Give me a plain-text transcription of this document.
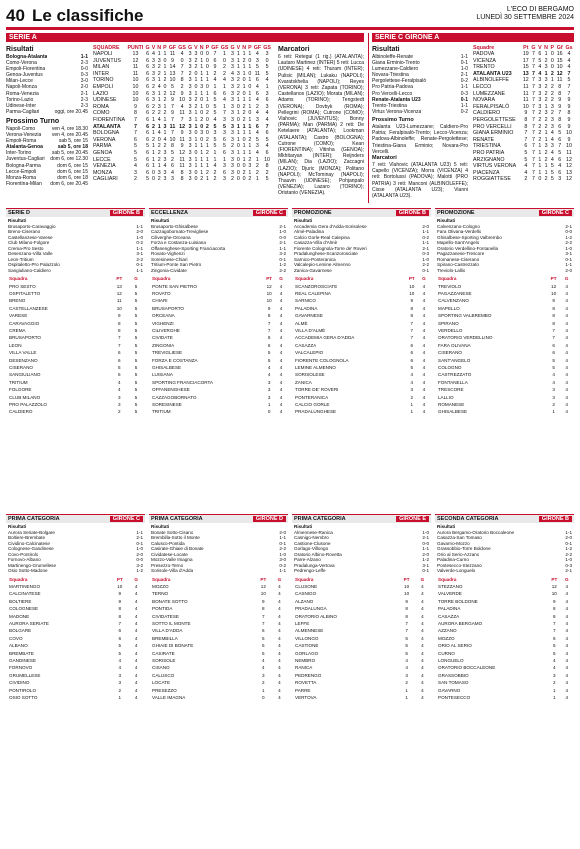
40 Le classifiche	L'ECO DI BERGAMO
LUNEDÌ 30 SETTEMBRE 2024
SERIE A
Risultati
Bologna-Atalanta	1-1
Como-Verona	2-3
Empoli-Fiorentina	0-0
Genoa-Juventus	0-3
Milan-Lecce	3-0
Napoli-Monza	2-0
Roma-Venezia	2-1
Torino-Lazio	2-3
Udinese-Inter	2-3
Parma-Cagliari	oggi, ore 20.45
Prossimo Turno
Napoli-Como	ven 4, ore 18.30
Verona-Venezia ven 4, ore 20.45
Empoli-Roma	sab 5, ore 15
Atalanta-Genoa	sab 5, ore 18
Inter-Torino	sab 5, ore 20.45
Juventus-Cagliari dom 6, ore 12.30
Bologna-Parma	dom 6, ore 15
Lecce-Empoli	dom 6, ore 15
Monza-Roma	dom 6, ore 18
Fiorentina-Milan dom 6, ore 20.45
SQUADRE	PUNTI	G	V	N	P	GF	GS	G	V	N	P	GF	GS	G	V	N	P	GF	GS
NAPOLI	13	6	4	1	1	11	4	3	3	0	0	7	1	3	1	1	1	4	3
JUVENTUS	12	6	3	3	0	9	0	3	2	1	0	6	0	3	1	2	0	3	0
MILAN	11	6	3	2	1	14	7	3	2	1	0	9	2	3	1	1	1	5	5
INTER	11	6	3	2	1	13	7	2	0	1	1	2	2	4	3	1	0	11	5
TORINO	10	6	3	1	2	10	8	3	1	1	1	4	4	3	2	0	1	6	4
EMPOLI	10	6	2	4	0	5	2	3	0	3	0	1	1	3	2	1	0	4	1
LAZIO	10	6	3	1	2	12	9	3	1	1	1	6	6	3	2	0	1	6	3
UDINESE	10	6	3	1	2	9	10	3	2	0	1	5	4	3	1	1	1	4	6
ROMA	9	6	2	3	1	7	4	3	2	1	0	5	1	3	0	2	1	2	3
COMO	8	6	2	2	2	9	11	3	1	0	2	5	7	3	1	2	0	4	4
FIORENTINA	7	6	1	4	1	7	7	3	1	2	0	4	3	3	0	2	1	3	4
ATALANTA	7	6	2	1	3	11	12	3	1	0	2	5	5	3	1	1	1	6	7
BOLOGNA	7	6	1	4	1	7	9	3	0	3	0	3	3	3	1	1	1	4	6
VERONA	6	6	2	0	4	10	11	3	1	0	2	5	6	3	1	0	2	5	5
PARMA	5	5	1	2	2	8	9	3	1	1	1	5	5	2	0	1	1	3	4
GENOA	5	6	1	2	3	5	12	3	0	1	2	1	6	3	1	1	1	4	6
LECCE	5	6	1	2	3	2	11	3	1	1	1	1	1	3	0	1	2	1	10
VENEZIA	4	6	1	1	4	6	11	3	1	1	1	4	3	3	0	0	3	2	8
MONZA	3	6	0	3	3	4	8	3	0	1	2	2	6	3	0	2	1	2	2
CAGLIARI	2	5	0	2	3	3	8	3	0	2	1	2	3	2	0	0	2	1	5
Marcatori
6 reti: Retegui (1 rig.) (ATALANTA); Lautaro Martinez (INTER) 5 reti: Lucca (UDINESE) 4 reti: Thuram (INTER); Pulisic (MILAN); Lukaku (NAPOLI); Kvaratskhelia (NAPOLI); Reyes (VERONA) 3 reti: Zapata (TORINO); Castellanos (LAZIO); Morata (MILAN); Adams (TORINO); Tengstedt (VERONA); Dovbyk (ROMA); Pellegrini (ROMA); Cutrone (COMO); Vlahovic (JUVENTUS); Bonny (PARMA); Man (PARMA) 2 reti: De Ketelaere (ATALANTA); Lookman (ATALANTA); Castro (BOLOGNA); Cutrone (COMO); Kean (FIORENTINA); Vitinha (GENOA); Mkhitaryan (INTER); Reijnders (MILAN); Dia (LAZIO); Zaccagni (LAZIO); Djuric (MONZA); Politano (NAPOLI); McTominay (NAPOLI); Thauvin (UDINESE); Pohjanpalo (VENEZIA); Lazaro (TORINO); Oristanio (VENEZIA).
SERIE C GIRONE A
Risultati
Albinoleffe-Renate	1-1
Giana Erminio-Trento	0-1
Lumezzane-Caldiero	1-0
Novara-Triestina	2-1
Pergolettese-Feralpisalò	0-2
Pro Patria-Padova	1-1
Pro Vercelli-Lecco	0-3
Renate-Atalanta U23	0-1
Trento-Triestina	1-1
Virtus Verona-Vicenza	0-2
Prossimo Turno
Atalanta U23-Lumezzane; Caldiero-Pro Patria; Feralpisalò-Trento; Lecco-Vicenza; Padova-Albinoleffe; Renate-Pergolettese; Triestina-Giana Erminio; Novara-Pro Vercelli.
Marcatori
7 reti: Vlahovic (ATALANTA U23) 5 reti: Capello (VICENZA); Morra (VICENZA) 4 reti: Bortolussi (PADOVA); Malotti (PRO PATRIA) 3 reti: Manconi (ALBINOLEFFE); Cisse (ATALANTA U23); Vianni (ATALANTA U23).
Squadre	Pt	G	V	N	P	Gf	Gs
PADOVA	19	7	6	1	0	16	4
VICENZA	17	7	5	2	0	15	4
TRENTO	15	7	4	3	0	10	4
ATALANTA U23	13	7	4	1	2	12	7
ALBINOLEFFE	12	7	3	3	1	11	5
LECCO	11	7	3	2	2	8	7
LUMEZZANE	11	7	3	2	2	8	7
NOVARA	11	7	3	2	2	9	9
FERALPISALÒ	10	7	3	1	3	9	9
CALDIERO	9	7	2	3	2	7	8
PERGOLETTESE	8	7	2	2	3	8	9
PRO VERCELLI	8	7	2	2	3	6	9
GIANA ERMINIO	7	7	2	1	4	5	10
RENATE	7	7	2	1	4	6	9
TRIESTINA	6	7	1	3	3	7	10
PRO PATRIA	5	7	1	2	4	5	11
ARZIGNANO	5	7	1	2	4	6	12
VIRTUS VERONA	4	7	1	1	5	4	12
PIACENZA	4	7	1	1	5	6	13
ROGGIATTESE	2	7	0	2	5	3	12
SERIE D	GIRONE B
Risultati
Brusaporto-Caravaggio	1-1
Breno-Ciserano	2-0
Castellanzese-Varese	1-0
Club Milano-Folgore	0-2
Crema-Pro Sesto	1-1
Desenzano-Villa Valle	3-1
Leon-Tritium	2-2
Ospitaletto-Pro Palazzolo	0-1
Sangiuliano-Caldiero	1-1
Squadra	PT	G
PRO SESTO	13	5
OSPITALETTO	12	5
BRENO	11	5
CASTELLANZESE	10	5
VARESE	9	5
CARAVAGGIO	8	5
CREMA	8	5
BRUSAPORTO	7	5
LEON	7	5
VILLA VALLE	6	5
DESENZANO	6	5
CISERANO	5	5
SANGIULIANO	5	5
TRITIUM	4	5
FOLGORE	4	5
CLUB MILANO	3	5
PRO PALAZZOLO	3	5
CALDIERO	2	5
ECCELLENZA	GIRONE C
Risultati
Brusaporto-Ghisalbese	2-1
Cazzagobornato-Trevigliese	1-0
Ciliverghe-Orceana	0-0
Forza e Costanza-Luisiana	2-1
Offanenghese-Sporting Franciacorta	1-1
Rovato-Vighenzi	3-2
Soresinese-Chiari	0-1
Tritium-Ponte San Pietro	1-2
Zingonia-Cividate	2-2
Squadra	PT	G
PONTE SAN PIETRO	12	4
ROVATO	10	4
CHIARI	10	4
BRUSAPORTO	9	4
ORCEANA	8	4
VIGHENZI	7	4
CILIVERGHE	7	4
CIVIDATE	6	4
ZINGONIA	6	4
TREVIGLIESE	5	4
FORZA E COSTANZA	5	4
GHISALBESE	4	4
LUISIANA	4	4
SPORTING FRANCIACORTA	3	4
OFFANENGHESE	3	4
CAZZAGOBORNATO	3	4
SORESINESE	1	4
TRITIUM	0	4
PROMOZIONE	GIRONE B
Risultati
Accademia Gera d'Adda-Sorisolese	2-0
Almè-Paladina	1-1
Calcio Gorle-Real Calepina	0-2
Casazza-Villa d'Almè	1-1
Fiorente Colognola-Torre de' Roveri	2-1
Pradalunghese-Scanzorosciate	0-3
Sarnico-Ponteranica	1-0
Valcalepio-Lemine Almenno	2-2
Zanica-Gavarnese	0-1
Squadra	PT	G
SCANZOROSCIATE	10	4
REAL CALEPINA	10	4
SARNICO	9	4
PALADINA	8	4
GAVARNESE	8	4
ALMÈ	7	4
VILLA D'ALMÈ	7	4
ACCADEMIA GERA D'ADDA	7	4
CASAZZA	6	4
VALCALEPIO	6	4
FIORENTE COLOGNOLA	6	4
LEMINE ALMENNO	5	4
SORISOLESE	4	4
ZANICA	4	4
TORRE DE' ROVERI	3	4
PONTERANICA	2	4
CALCIO GORLE	1	4
PRADALUNGHESE	1	4
PROMOZIONE	GIRONE C
Risultati
Calvenzano-Cologno	2-1
Fara Olivana-Verdello	0-0
Ghisalbese-Sporting Valbrembo	1-2
Mapello-Sant'Angelo	2-2
Oratorio Verdellino-Fontanella	1-0
Pagazzanese-Trescore	3-1
Romanese-Ciserano	0-1
Spirano-Castrezzato	1-1
Treviolo-Lallio	2-0
Squadra	PT	G
TREVIOLO	12	4
PAGAZZANESE	10	4
CALVENZANO	9	4
MAPELLO	8	4
SPORTING VALBREMBO	8	4
SPIRANO	8	4
VERDELLO	7	4
ORATORIO VERDELLINO	7	4
FARA OLIVANA	6	4
CISERANO	6	4
SANT'ANGELO	5	4
COLOGNO	5	4
CASTREZZATO	4	4
FONTANELLA	4	4
TRESCORE	3	4
LALLIO	3	4
ROMANESE	2	4
GHISALBESE	1	4
PRIMA CATEGORIA	GIRONE C
Risultati
Aurora Seriate-Bolgare	1-1
Boltiere-Brembate	2-1
Cividino-Calcinatese	0-1
Colognese-Gandinese	1-0
Covo-Pontirolo	2-0
Fornovo-Albano	0-0
Martinengo-Grumellese	3-2
Osio Sotto-Madone	1-2
Squadra	PT	G
MARTINENGO	10	4
CALCINATESE	9	4
BOLTIERE	9	4
COLOGNESE	8	4
MADONE	8	4
AURORA SERIATE	7	4
BOLGARE	6	4
COVO	6	4
ALBANO	5	4
BREMBATE	5	4
GANDINESE	4	4
FORNOVO	4	4
GRUMELLESE	3	4
CIVIDINO	3	4
PONTIROLO	2	4
OSIO SOTTO	1	4
PRIMA CATEGORIA	GIRONE D
Risultati
Bonate Sotto-Cisano	2-0
Brembilla-Sotto il Monte	1-1
Calusco-Pontida	0-1
Casirate-Ghiaie di Bonate	2-2
Cividatese-Locate	1-0
Mozzo-Valle Imagna	3-0
Presezzo-Terno	0-2
Sorisole-Villa d'Adda	1-1
Squadra	PT	G
MOZZO	12	4
TERNO	10	4
BONATE SOTTO	9	4
PONTIDA	8	4
CIVIDATESE	7	4
SOTTO IL MONTE	7	4
VILLA D'ADDA	6	4
BREMBILLA	6	4
GHIAIE DI BONATE	5	4
CASIRATE	5	4
SORISOLE	4	4
CISANO	4	4
CALUSCO	3	4
LOCATE	2	4
PRESEZZO	1	4
VALLE IMAGNA	0	4
PRIMA CATEGORIA	GIRONE E
Risultati
Almennese-Ranica	1-0
Casnigo-Nembro	2-1
Castione-Clusone	0-0
Gorlago-Villongo	1-1
Oratorio Albino-Rovetta	2-0
Parre-Alzano	1-2
Pradalunga-Vertova	3-1
Pedrengo-Leffe	0-1
Squadra	PT	G
CLUSONE	10	4
CASNIGO	10	4
ALZANO	9	4
PRADALUNGA	8	4
ORATORIO ALBINO	8	4
LEFFE	7	4
ALMENNESE	7	4
VILLONGO	6	4
CASTIONE	5	4
GORLAGO	5	4
NEMBRO	4	4
RANICA	4	4
PEDRENGO	3	4
ROVETTA	2	4
PARRE	1	4
VERTOVA	1	4
SECONDA CATEGORIA	GIRONE B
Risultati
Aurora Bergamo-Oratorio Boccaleone	1-1
Casazza-San Tomaso	2-0
Gavarno-Mozzo	0-1
Grassobbio-Torre Boldone	1-2
Orio al Serio-Azzano	2-2
Paladina-Curno	1-0
Pontesecco-Stezzano	0-3
Valverde-Longuelo	2-1
Squadra	PT	G
STEZZANO	12	4
VALVERDE	10	4
TORRE BOLDONE	9	4
PALADINA	8	4
CASAZZA	8	4
AURORA BERGAMO	7	4
AZZANO	7	4
MOZZO	6	4
ORIO AL SERIO	5	4
CURNO	5	4
LONGUELO	4	4
ORATORIO BOCCALEONE	4	4
GRASSOBBIO	3	4
SAN TOMASO	2	4
GAVARNO	1	4
PONTESECCO	1	4
